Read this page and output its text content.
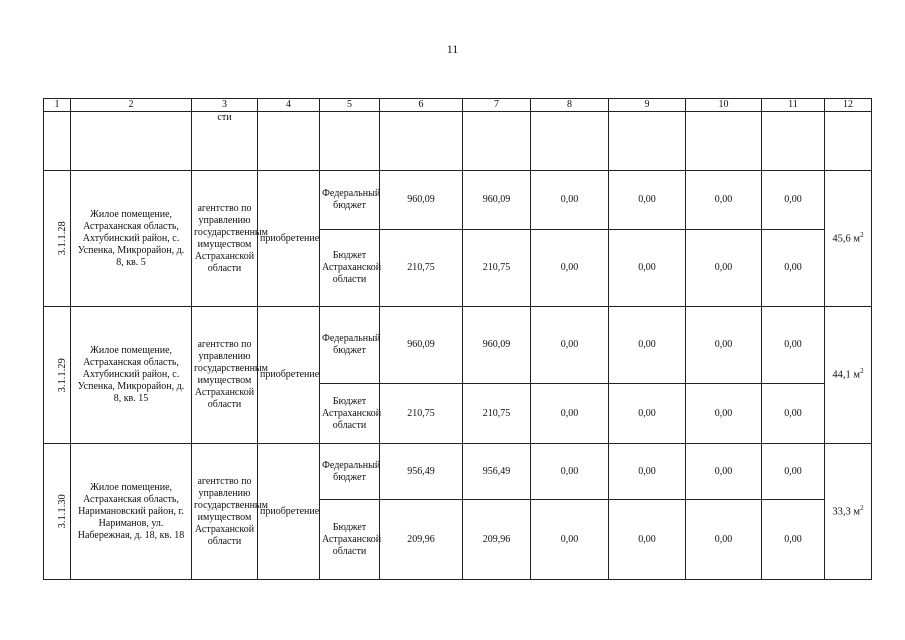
11
1	2	3	4	5	6	7	8	9	10	11	12
		сти									
3.1.1.28	Жилое помещение, Астраханская область, Ахтубинский район, с. Успенка, Микрорайон, д. 8, кв. 5	агентство по управлению государственным имуществом Астраханской области	приобретение	Федеральный бюджет	960,09	960,09	0,00	0,00	0,00	0,00	45,6 $м^2$
				Бюджет Астраханской области	210,75	210,75	0,00	0,00	0,00	0,00	
3.1.1.29	Жилое помещение, Астраханская область, Ахтубинский район, с. Успенка, Микрорайон, д. 8, кв. 15	агентство по управлению государственным имуществом Астраханской области	приобретение	Федеральный бюджет	960,09	960,09	0,00	0,00	0,00	0,00	44,1 $м^2$
				Бюджет Астраханской области	210,75	210,75	0,00	0,00	0,00	0,00	
3.1.1.30	Жилое помещение, Астраханская область, Наримановский район, г. Нариманов, ул. Набережная, д. 18, кв. 18	агентство по управлению государственным имуществом Астраханской области	приобретение	Федеральный бюджет	956,49	956,49	0,00	0,00	0,00	0,00	33,3 $м^2$
				Бюджет Астраханской области	209,96	209,96	0,00	0,00	0,00	0,00	
